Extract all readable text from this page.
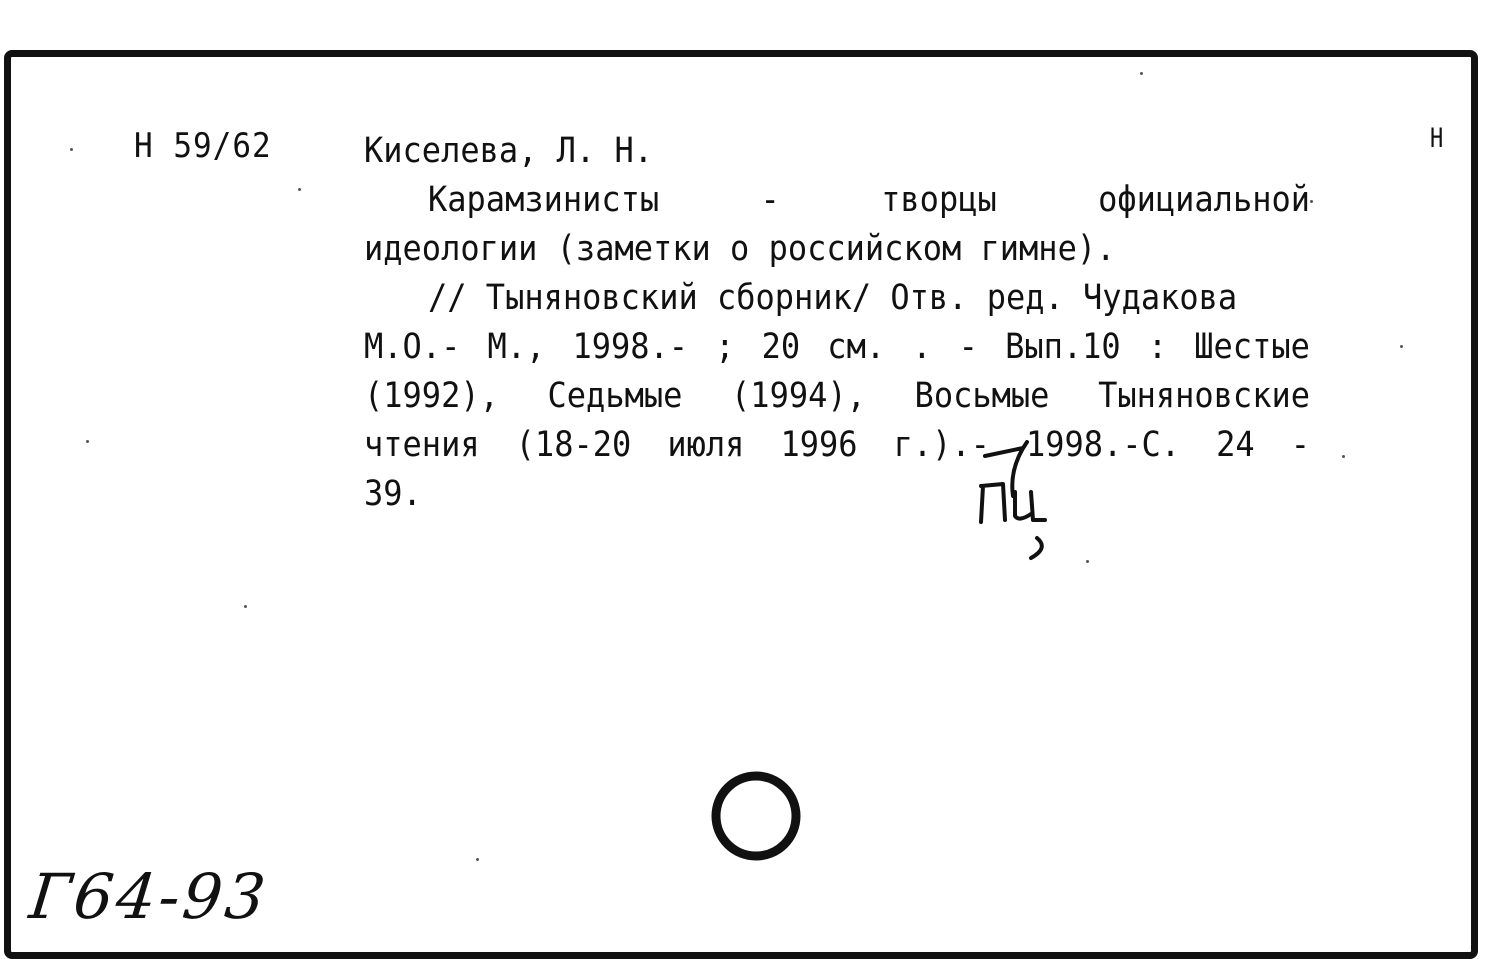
Н 59/62	Н
Киселева, Л. Н.
Карамзинисты	-	творцы	официальной
идеологии (заметки о российском гимне).
// Тыняновский сборник/ Отв. ред. Чудакова
М.О.- М., 1998.- ; 20 см. . - Вып.10 : Шестые
(1992), Седьмые (1994), Восьмые Тыняновские
чтения (18-20 июля 1996 г.).- 1998.-С. 24 -
39.
Г64-93
